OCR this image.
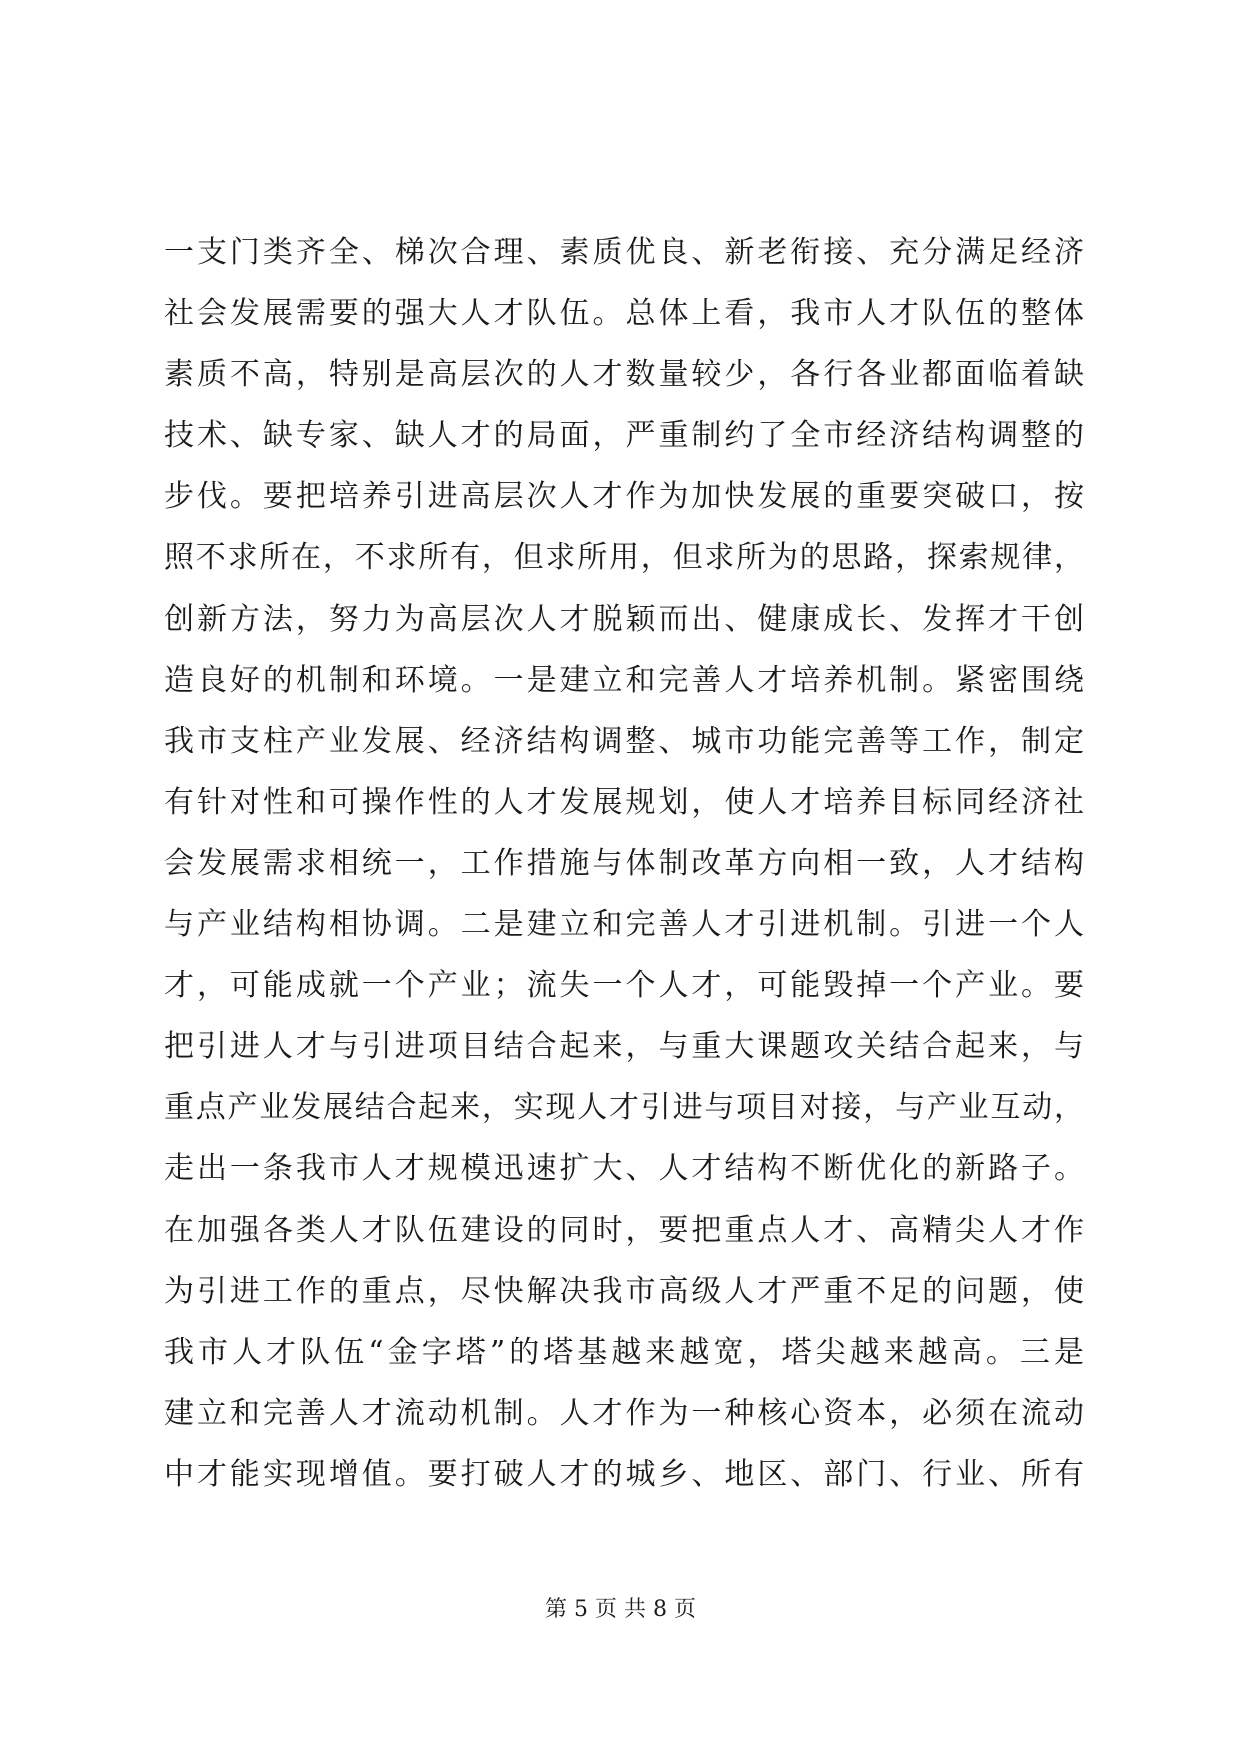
一支门类齐全、梯次合理、素质优良、新老衔接、充分满足经济
社会发展需要的强大人才队伍。总体上看，我市人才队伍的整体
素质不高，特别是高层次的人才数量较少，各行各业都面临着缺
技术、缺专家、缺人才的局面，严重制约了全市经济结构调整的
步伐。要把培养引进高层次人才作为加快发展的重要突破口，按
照不求所在，不求所有，但求所用，但求所为的思路，探索规律，
创新方法，努力为高层次人才脱颖而出、健康成长、发挥才干创
造良好的机制和环境。一是建立和完善人才培养机制。紧密围绕
我市支柱产业发展、经济结构调整、城市功能完善等工作，制定
有针对性和可操作性的人才发展规划，使人才培养目标同经济社
会发展需求相统一，工作措施与体制改革方向相一致，人才结构
与产业结构相协调。二是建立和完善人才引进机制。引进一个人
才，可能成就一个产业；流失一个人才，可能毁掉一个产业。要
把引进人才与引进项目结合起来，与重大课题攻关结合起来，与
重点产业发展结合起来，实现人才引进与项目对接，与产业互动，
走出一条我市人才规模迅速扩大、人才结构不断优化的新路子。
在加强各类人才队伍建设的同时，要把重点人才、高精尖人才作
为引进工作的重点，尽快解决我市高级人才严重不足的问题，使
我市人才队伍“金字塔”的塔基越来越宽，塔尖越来越高。三是
建立和完善人才流动机制。人才作为一种核心资本，必须在流动
中才能实现增值。要打破人才的城乡、地区、部门、行业、所有

第 5 页 共 8 页
